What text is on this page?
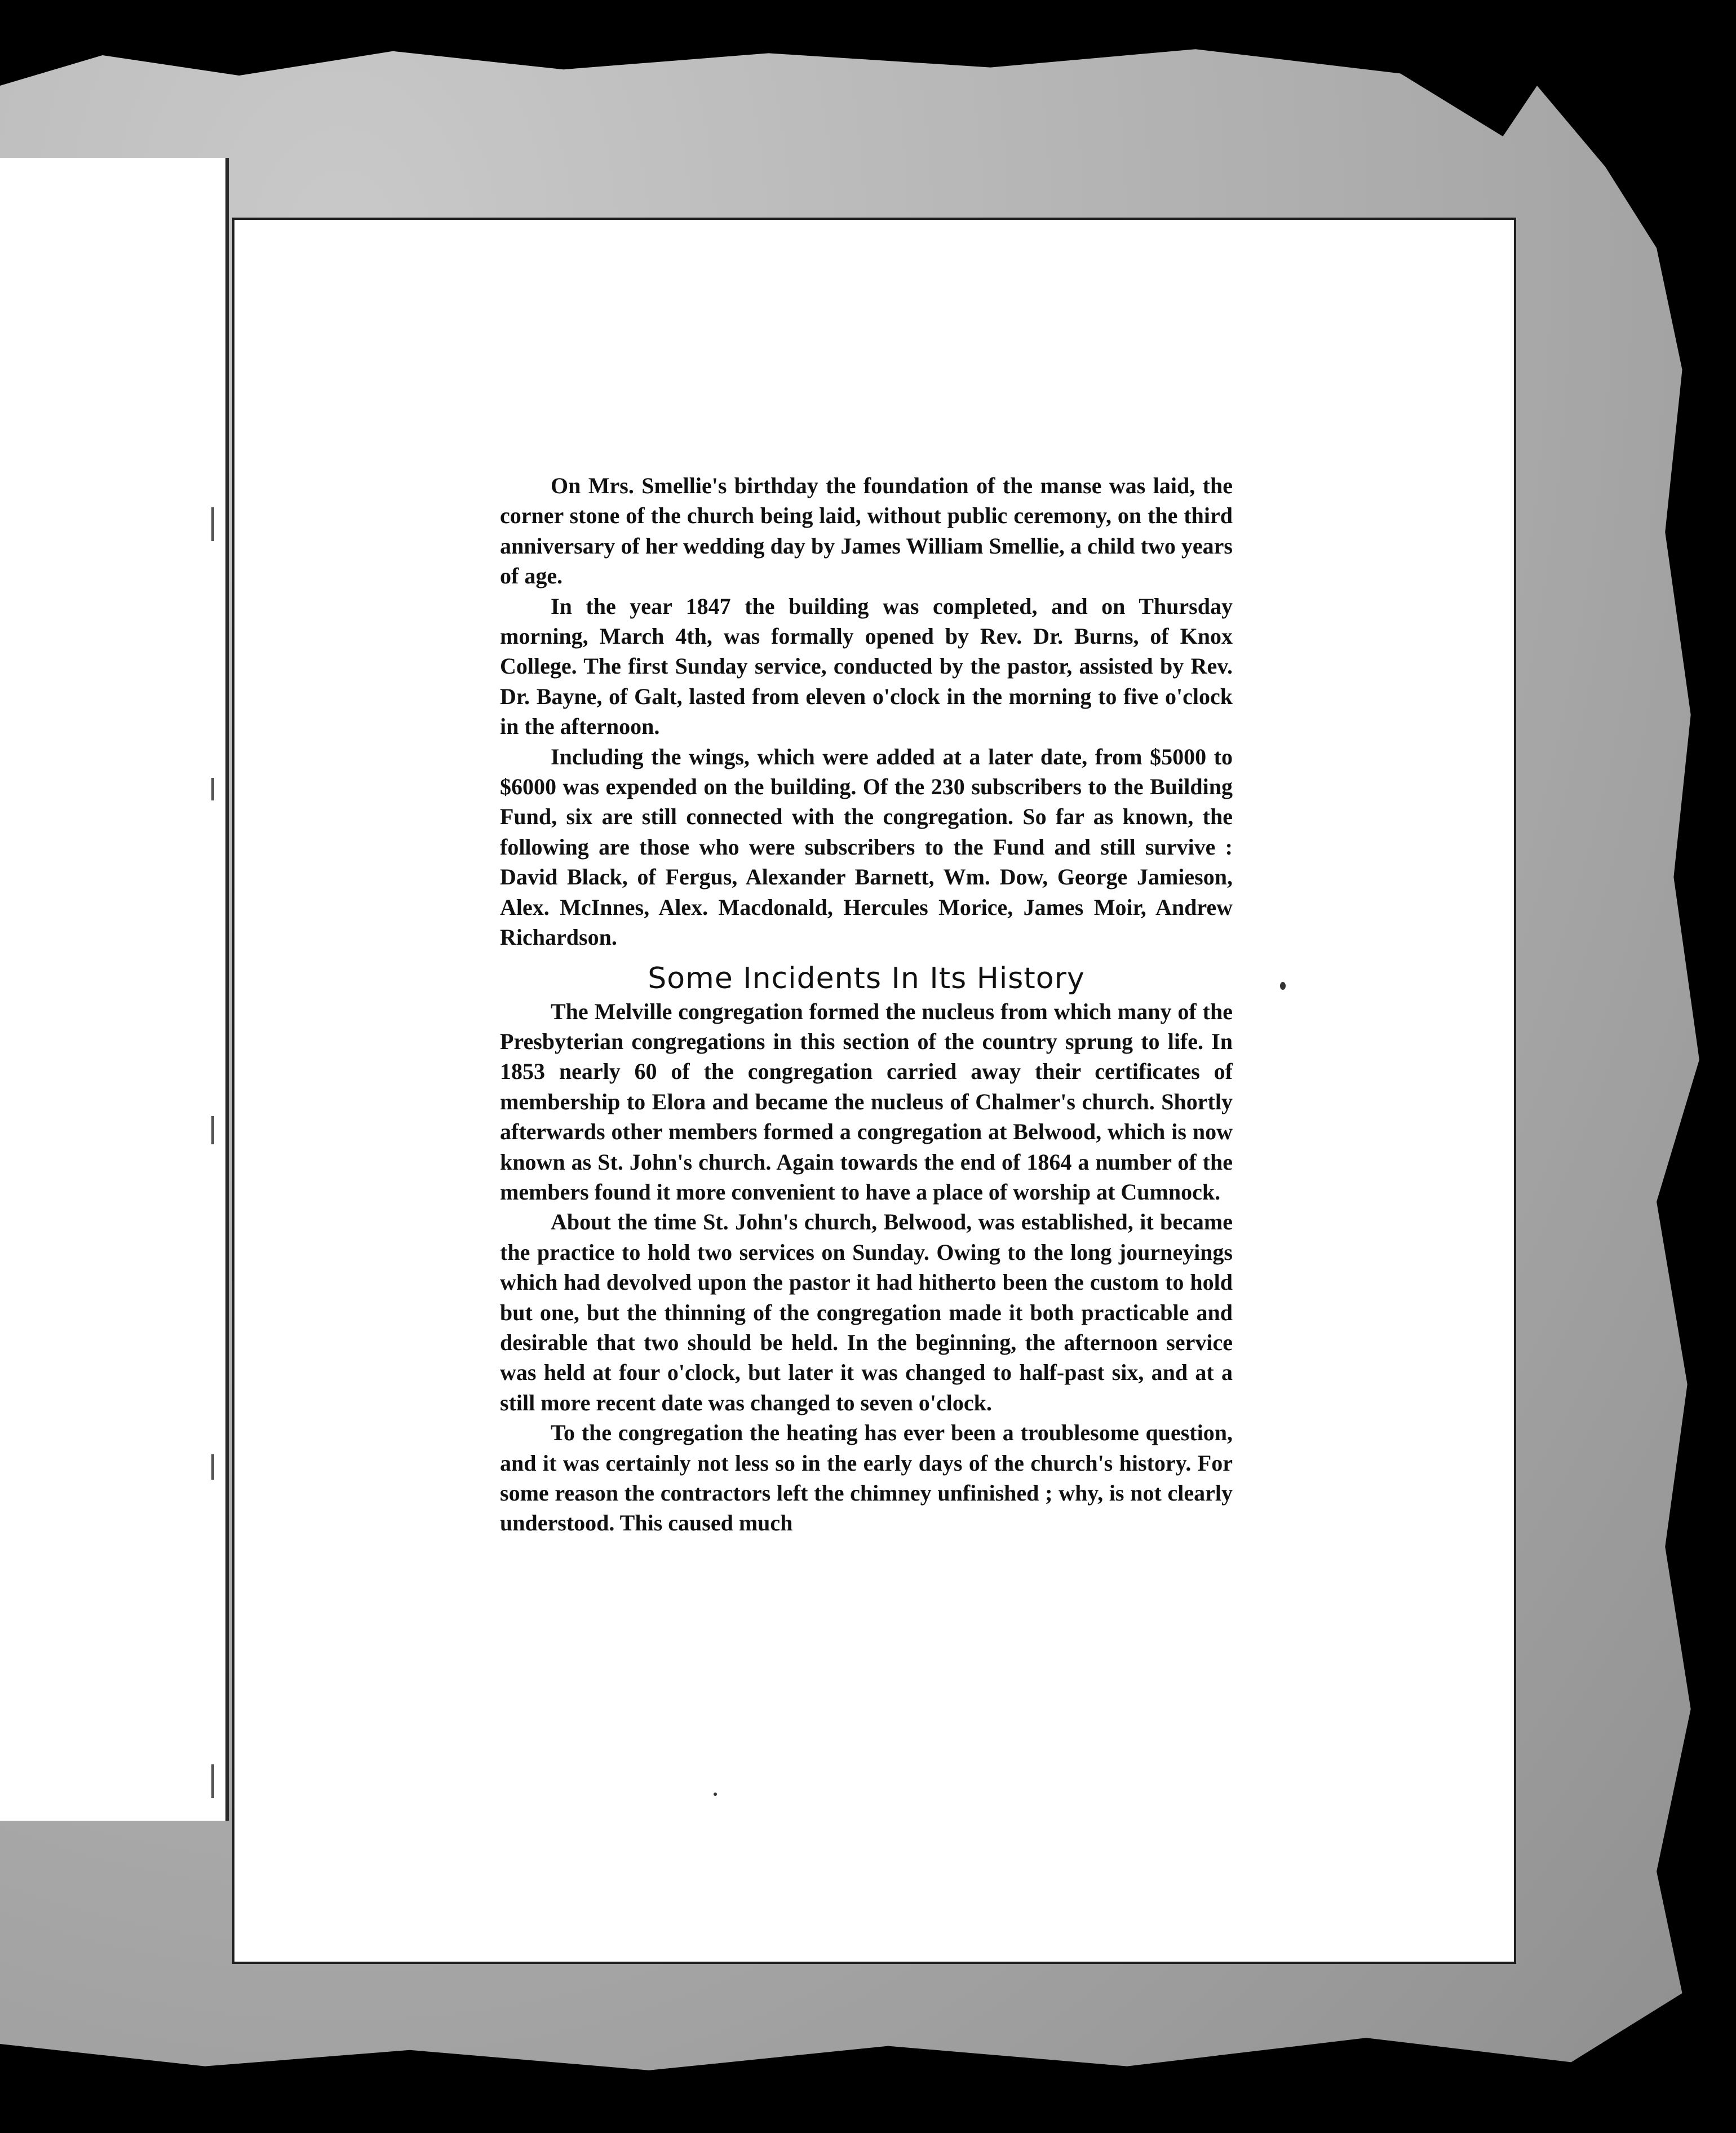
On Mrs. Smellie's birthday the foundation of the manse was laid, the corner stone of the church being laid, without public ceremony, on the third anniversary of her wedding day by James William Smellie, a child two years of age.

In the year 1847 the building was completed, and on Thursday morning, March 4th, was formally opened by Rev. Dr. Burns, of Knox College. The first Sunday service, conducted by the pastor, assisted by Rev. Dr. Bayne, of Galt, lasted from eleven o'clock in the morning to five o'clock in the afternoon.

Including the wings, which were added at a later date, from $5000 to $6000 was expended on the building. Of the 230 subscribers to the Building Fund, six are still connected with the congregation. So far as known, the following are those who were subscribers to the Fund and still survive : David Black, of Fergus, Alexander Barnett, Wm. Dow, George Jamieson, Alex. McInnes, Alex. Macdonald, Hercules Morice, James Moir, Andrew Richardson.

Some Incidents In Its History

The Melville congregation formed the nucleus from which many of the Presbyterian congregations in this section of the country sprung to life. In 1853 nearly 60 of the congregation carried away their certificates of membership to Elora and became the nucleus of Chalmer's church. Shortly afterwards other members formed a congregation at Belwood, which is now known as St. John's church. Again towards the end of 1864 a number of the members found it more convenient to have a place of worship at Cumnock.

About the time St. John's church, Belwood, was established, it became the practice to hold two services on Sunday. Owing to the long journeyings which had devolved upon the pastor it had hitherto been the custom to hold but one, but the thinning of the congregation made it both practicable and desirable that two should be held. In the beginning, the afternoon service was held at four o'clock, but later it was changed to half-past six, and at a still more recent date was changed to seven o'clock.

To the congregation the heating has ever been a troublesome question, and it was certainly not less so in the early days of the church's history. For some reason the contractors left the chimney unfinished ; why, is not clearly understood. This caused much
